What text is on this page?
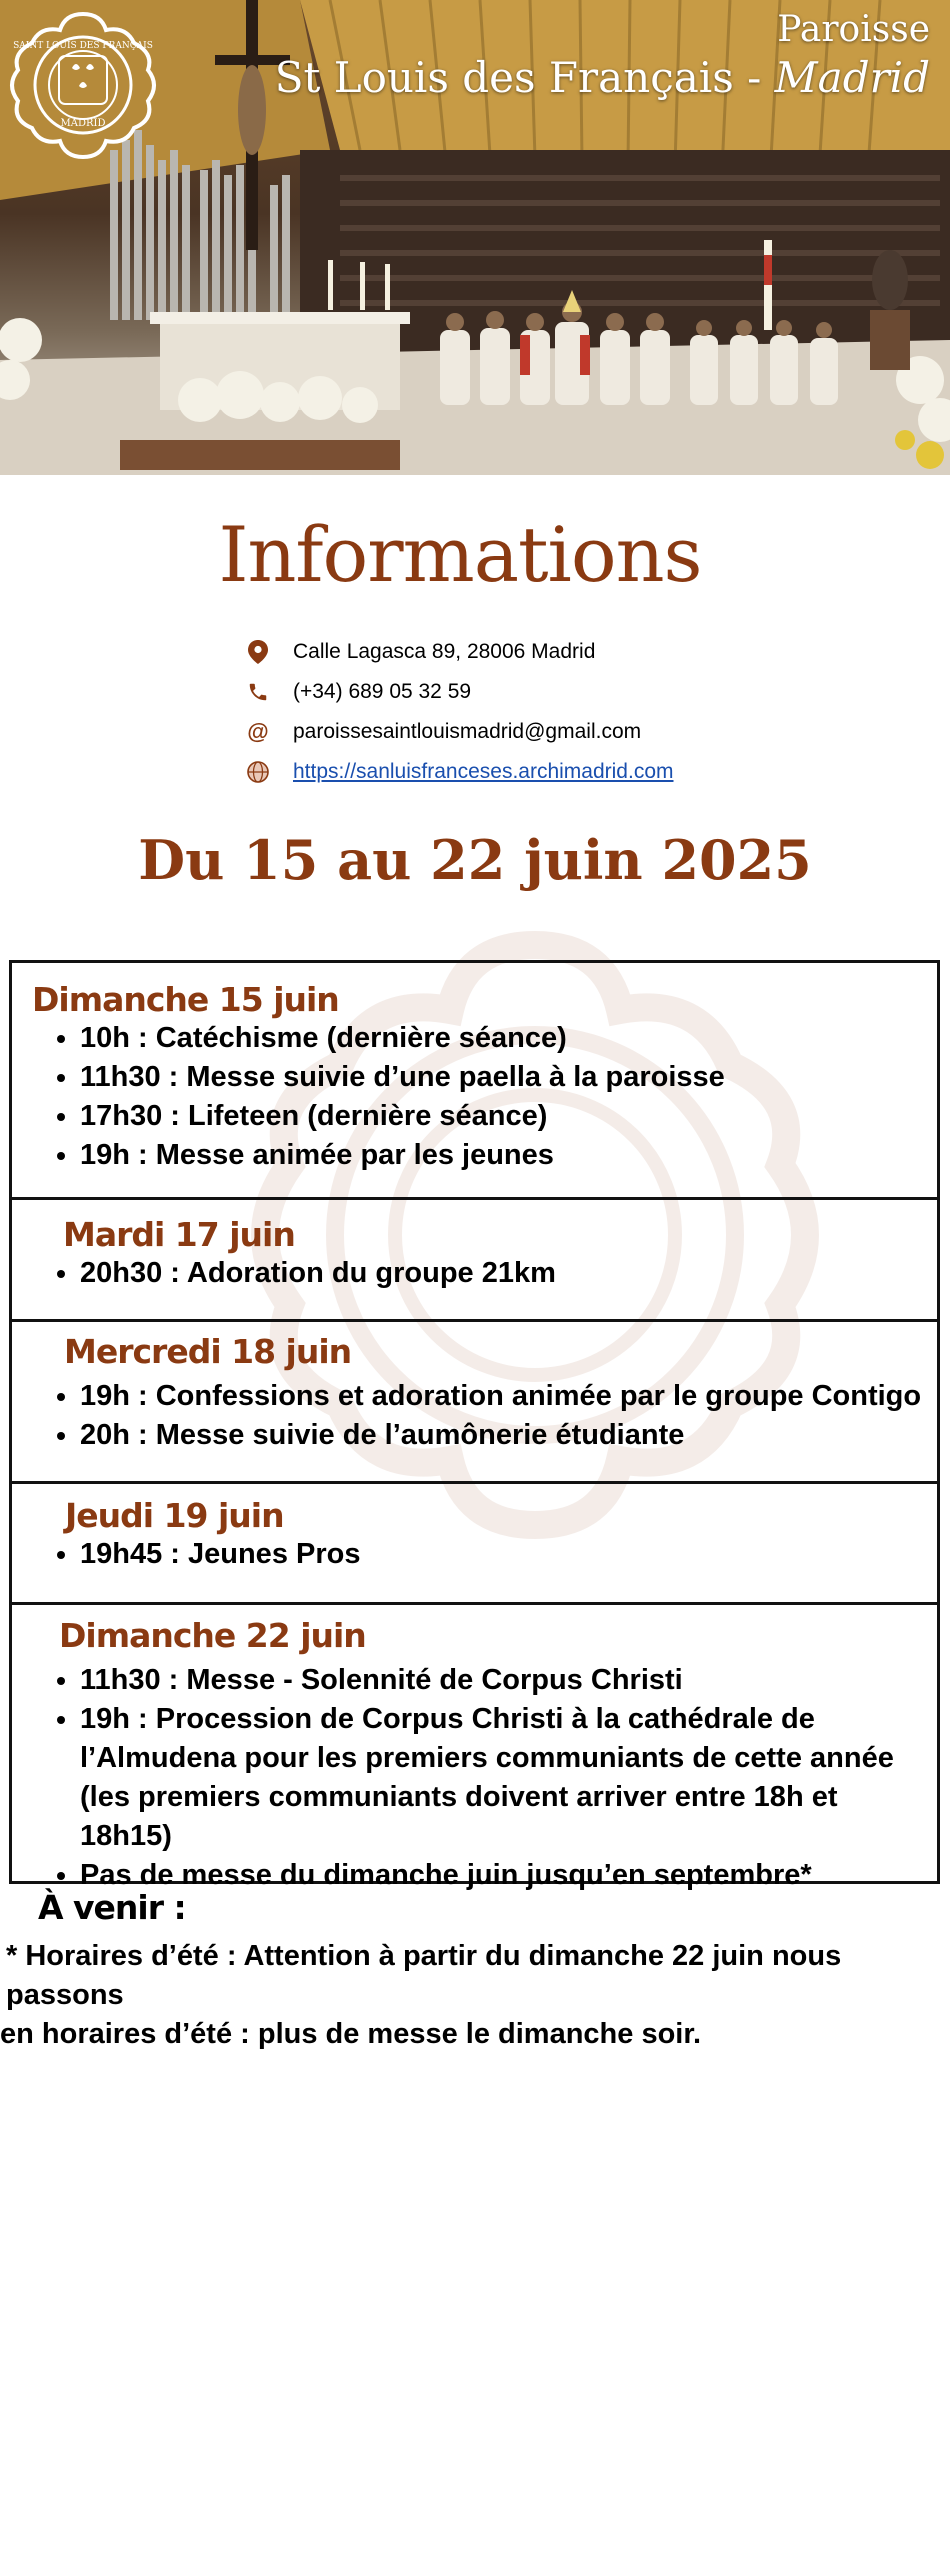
SAINT LOUIS DES FRANÇAIS
MADRID
Paroisse
St Louis des Français - Madrid
Informations
Calle Lagasca 89, 28006 Madrid
(+34) 689 05 32 59
@ paroissesaintlouismadrid@gmail.com
https://sanluisfranceses.archimadrid.com
Du 15 au 22 juin 2025
Dimanche 15 juin
• 10h : Catéchisme (dernière séance)
• 11h30 : Messe suivie d’une paella à la paroisse
• 17h30 : Lifeteen (dernière séance)
• 19h : Messe animée par les jeunes
Mardi 17 juin
• 20h30 : Adoration du groupe 21km
Mercredi 18 juin
• 19h : Confessions et adoration animée par le groupe Contigo
• 20h : Messe suivie de l’aumônerie étudiante
Jeudi 19 juin
• 19h45 : Jeunes Pros
Dimanche 22 juin
• 11h30 : Messe - Solennité de Corpus Christi
• 19h : Procession de Corpus Christi à la cathédrale de l’Almudena pour les premiers communiants de cette année (les premiers communiants doivent arriver entre 18h et 18h15)
• Pas de messe du dimanche juin jusqu’en septembre*
À venir :
* Horaires d’été : Attention à partir du dimanche 22 juin nous passons
en horaires d’été : plus de messe le dimanche soir.
